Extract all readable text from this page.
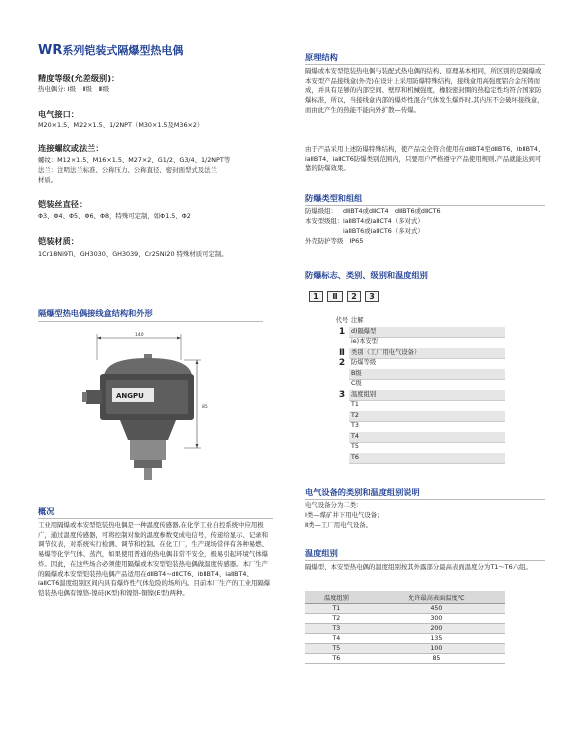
WR系列铠装式隔爆型热电偶
精度等级(允差级别)：
热电偶分: Ⅰ级　Ⅱ级　Ⅲ级
电气接口：
M20×1.5、M22×1.5、1/2NPT（M30×1.5及M36×2）
连接螺纹或法兰：
螺纹：M12×1.5、M16×1.5、M27×2、G1/2、G3/4、1/2NPT等
法兰：注明法兰标准、公称压力、公称直径、密封面型式及法兰
材质。
铠装丝直径：
Φ3、Φ4、Φ5、Φ6、Φ8，特殊可定制，如Φ1.5、Φ2
铠装材质：
1Cr18Ni9Ti、GH3030、GH3039、Cr25Ni20 特殊材质可定制。
隔爆型热电偶接线盒结构和外形
140
85
ANGPU
概况
工业用隔爆或本安型铠装热电偶是一种温度传感器,在化学工业自控系统中应用极广，通过温度传感器，可将控制对象的温度参数变成电信号，传递给显示、记录和调节仪表，对系统实行检测、调节和控制。在化工厂，生产现场常伴有各种易燃、易爆等化学气体、蒸汽，如果使用普通的热电偶非常不安全，极易引起环境气体爆炸。因此，在这些场合必须使用隔爆或本安型铠装热电偶做温度传感器。本厂生产的隔爆或本安型铠装热电偶产品适用在dⅡBT4~dⅡCT6、ibⅡBT4、iaⅡBT4、iaⅡCT6温度组别区间内具有爆炸性气体危险的场所内。目前本厂生产的工业用隔爆铠装热电偶有镍铬-镍硅(K型)和镍铬-铜镍(E型)两种。
原理结构
隔爆或本安型铠装热电偶与装配式热电偶的结构、原理基本相同，所区别的是隔爆或本安型产品接线盒(外壳)在设计上采用防爆特殊结构，接线盒用高强度铝合金压铸而成，并具有足够的内部空间、壁厚和机械强度，橡胶密封圈的热稳定性均符合国家防爆标准，所以，当接线盒内部的爆炸性混合气体发生爆炸时,其内压不会破坏接线盒，而由此产生的热能不能向外扩散—传爆。
由于产品采用上述防爆特殊结构，使产品完全符合使用在dⅡBT4至dⅡBT6、ibⅡBT4、iaⅡBT4、iaⅡCT6防爆类别范围内，只要用户严格遵守产品使用规则,产品就能达到可靠的防爆效果。
防爆类型和组组
防爆级组： dⅡBT4或dⅡCT4　dⅡBT6或dⅡCT6
本安型级组： iaⅡBT4或iaⅡCT4（多对式）
iaⅡBT6或iaⅡCT6（多对式）
外壳防护等级 　IP65
防爆标志、类别、级别和温度组别
1	Ⅱ	2	3
代号 注解
1 d)隔爆型
ie)本安型
Ⅱ 类别（工厂用电气设备）
2 防爆等级
B级
C级
3 温度组别
T1
T2
T3
T4
T5
T6
电气设备的类别和温度组别说明
电气设备分为二类：
Ⅰ类—煤矿井下用电气设备；
Ⅱ类—工厂用电气设备。
温度组别
隔爆型、本安型热电偶的温度组别按其外露部分最高表面温度分为T1～T6六组。
温度组别	允许最高表面温度℃
T1	450
T2	300
T3	200
T4	135
T5	100
T6	85
